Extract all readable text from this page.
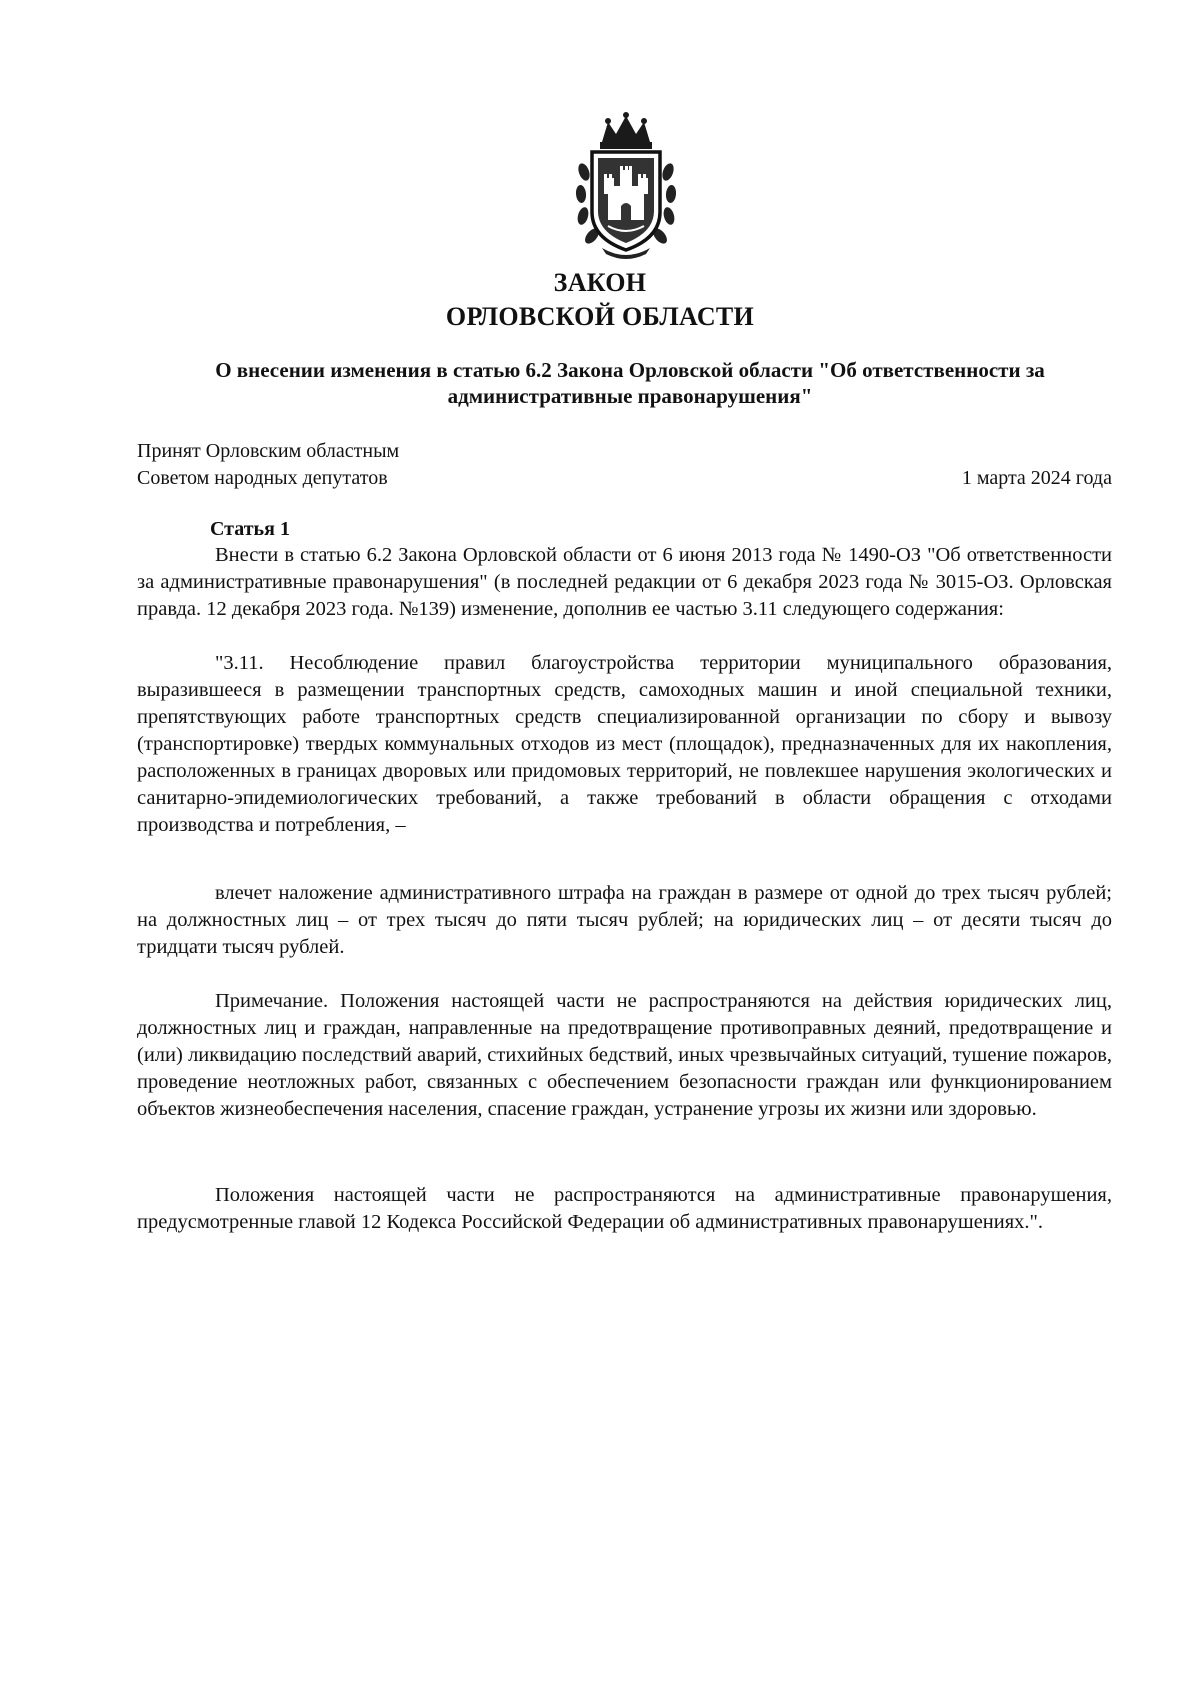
ЗАКОН
ОРЛОВСКОЙ ОБЛАСТИ
О внесении изменения в статью 6.2 Закона Орловской области "Об ответственности за административные правонарушения"
Принят Орловским областным
Советом народных депутатов	1 марта 2024 года
Статья 1

Внести в статью 6.2 Закона Орловской области от 6 июня 2013 года № 1490-ОЗ "Об ответственности за административные правонарушения" (в последней редакции от 6 декабря 2023 года № 3015-ОЗ. Орловская правда. 12 декабря 2023 года. №139) изменение, дополнив ее частью 3.11 следующего содержания:

"3.11. Несоблюдение правил благоустройства территории муниципального образования, выразившееся в размещении транспортных средств, самоходных машин и иной специальной техники, препятствующих работе транспортных средств специализированной организации по сбору и вывозу (транспортировке) твердых коммунальных отходов из мест (площадок), предназначенных для их накопления, расположенных в границах дворовых или придомовых территорий, не повлекшее нарушения экологических и санитарно-эпидемиологических требований, а также требований в области обращения с отходами производства и потребления, –

влечет наложение административного штрафа на граждан в размере от одной до трех тысяч рублей; на должностных лиц – от трех тысяч до пяти тысяч рублей; на юридических лиц – от десяти тысяч до тридцати тысяч рублей.

Примечание. Положения настоящей части не распространяются на действия юридических лиц, должностных лиц и граждан, направленные на предотвращение противоправных деяний, предотвращение и (или) ликвидацию последствий аварий, стихийных бедствий, иных чрезвычайных ситуаций, тушение пожаров, проведение неотложных работ, связанных с обеспечением безопасности граждан или функционированием объектов жизнеобеспечения населения, спасение граждан, устранение угрозы их жизни или здоровью.

Положения настоящей части не распространяются на административные правонарушения, предусмотренные главой 12 Кодекса Российской Федерации об административных правонарушениях.".
